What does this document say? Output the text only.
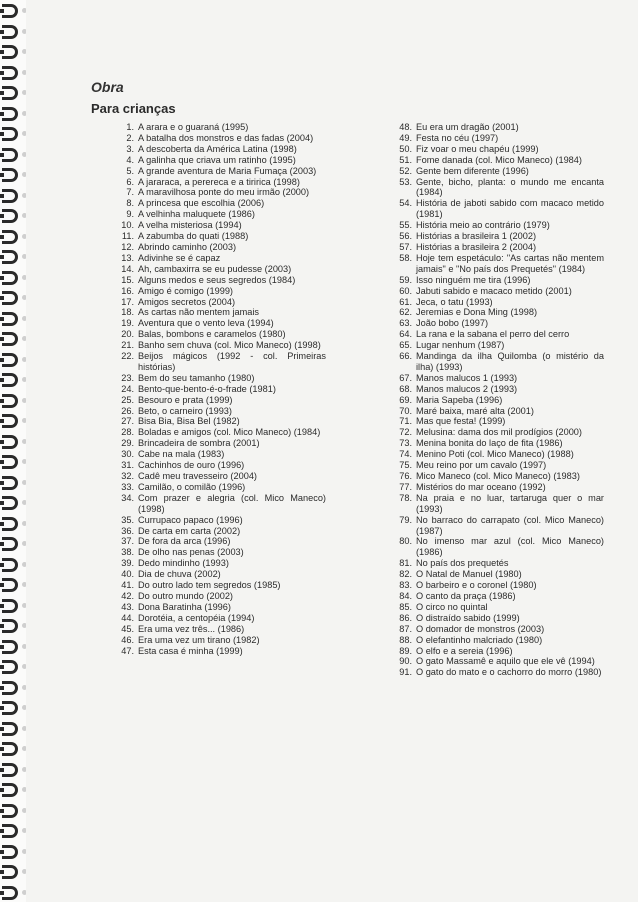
Obra
Para crianças
1. A arara e o guaraná (1995)
2. A batalha dos monstros e das fadas (2004)
3. A descoberta da América Latina (1998)
4. A galinha que criava um ratinho (1995)
5. A grande aventura de Maria Fumaça (2003)
6. A jararaca, a perereca e a tiririca (1998)
7. A maravilhosa ponte do meu irmão (2000)
8. A princesa que escolhia (2006)
9. A velhinha maluquete (1986)
10. A velha misteriosa (1994)
11. A zabumba do quati (1988)
12. Abrindo caminho (2003)
13. Adivinhe se é capaz
14. Ah, cambaxirra se eu pudesse (2003)
15. Alguns medos e seus segredos (1984)
16. Amigo é comigo (1999)
17. Amigos secretos (2004)
18. As cartas não mentem jamais
19. Aventura que o vento leva (1994)
20. Balas, bombons e caramelos (1980)
21. Banho sem chuva (col. Mico Maneco) (1998)
22. Beijos mágicos (1992 - col. Primeiras histórias)
23. Bem do seu tamanho (1980)
24. Bento-que-bento-é-o-frade (1981)
25. Besouro e prata (1999)
26. Beto, o carneiro (1993)
27. Bisa Bia, Bisa Bel (1982)
28. Boladas e amigos (col. Mico Maneco) (1984)
29. Brincadeira de sombra (2001)
30. Cabe na mala (1983)
31. Cachinhos de ouro (1996)
32. Cadê meu travesseiro (2004)
33. Camilão, o comilão (1996)
34. Com prazer e alegria (col. Mico Maneco) (1998)
35. Currupaco papaco (1996)
36. De carta em carta (2002)
37. De fora da arca (1996)
38. De olho nas penas (2003)
39. Dedo mindinho (1993)
40. Dia de chuva (2002)
41. Do outro lado tem segredos (1985)
42. Do outro mundo (2002)
43. Dona Baratinha (1996)
44. Dorotéia, a centopéia (1994)
45. Era uma vez três... (1986)
46. Era uma vez um tirano (1982)
47. Esta casa é minha (1999)
48. Eu era um dragão (2001)
49. Festa no céu (1997)
50. Fiz voar o meu chapéu (1999)
51. Fome danada (col. Mico Maneco) (1984)
52. Gente bem diferente (1996)
53. Gente, bicho, planta: o mundo me encanta (1984)
54. História de jaboti sabido com macaco metido (1981)
55. História meio ao contrário (1979)
56. Histórias a brasileira 1 (2002)
57. Histórias a brasileira 2 (2004)
58. Hoje tem espetáculo: "As cartas não mentem jamais" e "No país dos Prequetés" (1984)
59. Isso ninguém me tira (1996)
60. Jabuti sabido e macaco metido (2001)
61. Jeca, o tatu (1993)
62. Jeremias e Dona Ming (1998)
63. João bobo (1997)
64. La rana e la sabana el perro del cerro
65. Lugar nenhum (1987)
66. Mandinga da ilha Quilomba (o mistério da ilha) (1993)
67. Manos malucos 1 (1993)
68. Manos malucos 2 (1993)
69. Maria Sapeba (1996)
70. Maré baixa, maré alta (2001)
71. Mas que festa! (1999)
72. Melusina: dama dos mil prodígios (2000)
73. Menina bonita do laço de fita (1986)
74. Menino Poti (col. Mico Maneco) (1988)
75. Meu reino por um cavalo (1997)
76. Mico Maneco (col. Mico Maneco) (1983)
77. Mistérios do mar oceano (1992)
78. Na praia e no luar, tartaruga quer o mar (1993)
79. No barraco do carrapato (col. Mico Maneco) (1987)
80. No imenso mar azul (col. Mico Maneco) (1986)
81. No país dos prequetés
82. O Natal de Manuel (1980)
83. O barbeiro e o coronel (1980)
84. O canto da praça (1986)
85. O circo no quintal
86. O distraído sabido (1999)
87. O domador de monstros (2003)
88. O elefantinho malcriado (1980)
89. O elfo e a sereia (1996)
90. O gato Massamê e aquilo que ele vê (1994)
91. O gato do mato e o cachorro do morro (1980)
